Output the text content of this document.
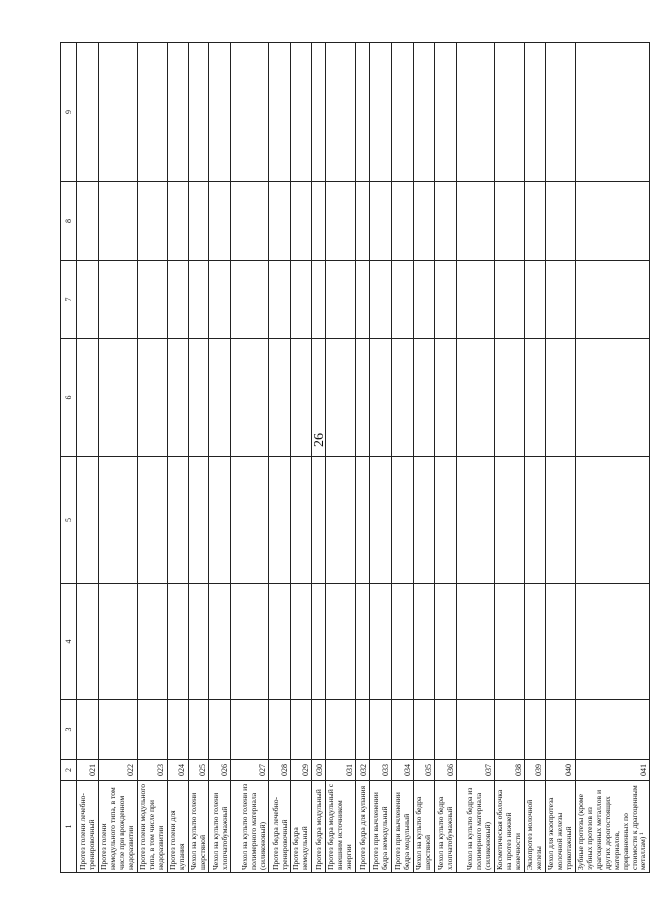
26
1	2	3	4	5	6	7	8	9
Протез голени лечебно-тренировочный	021							
Протез голени немодульного типа, в том числе при врожденном недоразвитии	022							
Протез голени модульного типа, в том числе при недоразвитии	023							
Протез голени для купания	024							
Чехол на культю голени шерстяной	025							
Чехол на культю голени хлопчатобумажный	026							
Чехол на культю голени из полимерного материала (силиконовый)	027							
Протез бедра лечебно-тренировочный	028							
Протез бедра немодульный	029							
Протез бедра модульный	030							
Протез бедра модульный с внешним источником энергии	031							
Протез бедра для купания	032							
Протез при вычленении бедра немодульный	033							
Протез при вычленении бедра модульный	034							
Чехол на культю бедра шерстяной	035							
Чехол на культю бедра хлопчатобумажный	036							
Чехол на культю бедра из полимерного материала (силиконовый)	037							
Косметическая оболочка на протез нижней конечности	038							
Экзопротез молочной железы	039							
Чехол для экзопротеза молочной железы трикотажный	040							
Зубные протезы (кроме зубных протезов из драгоценных металлов и других дорогостоящих материалов, приравненных по стоимости к драгоценным металлам) ¹	041							
